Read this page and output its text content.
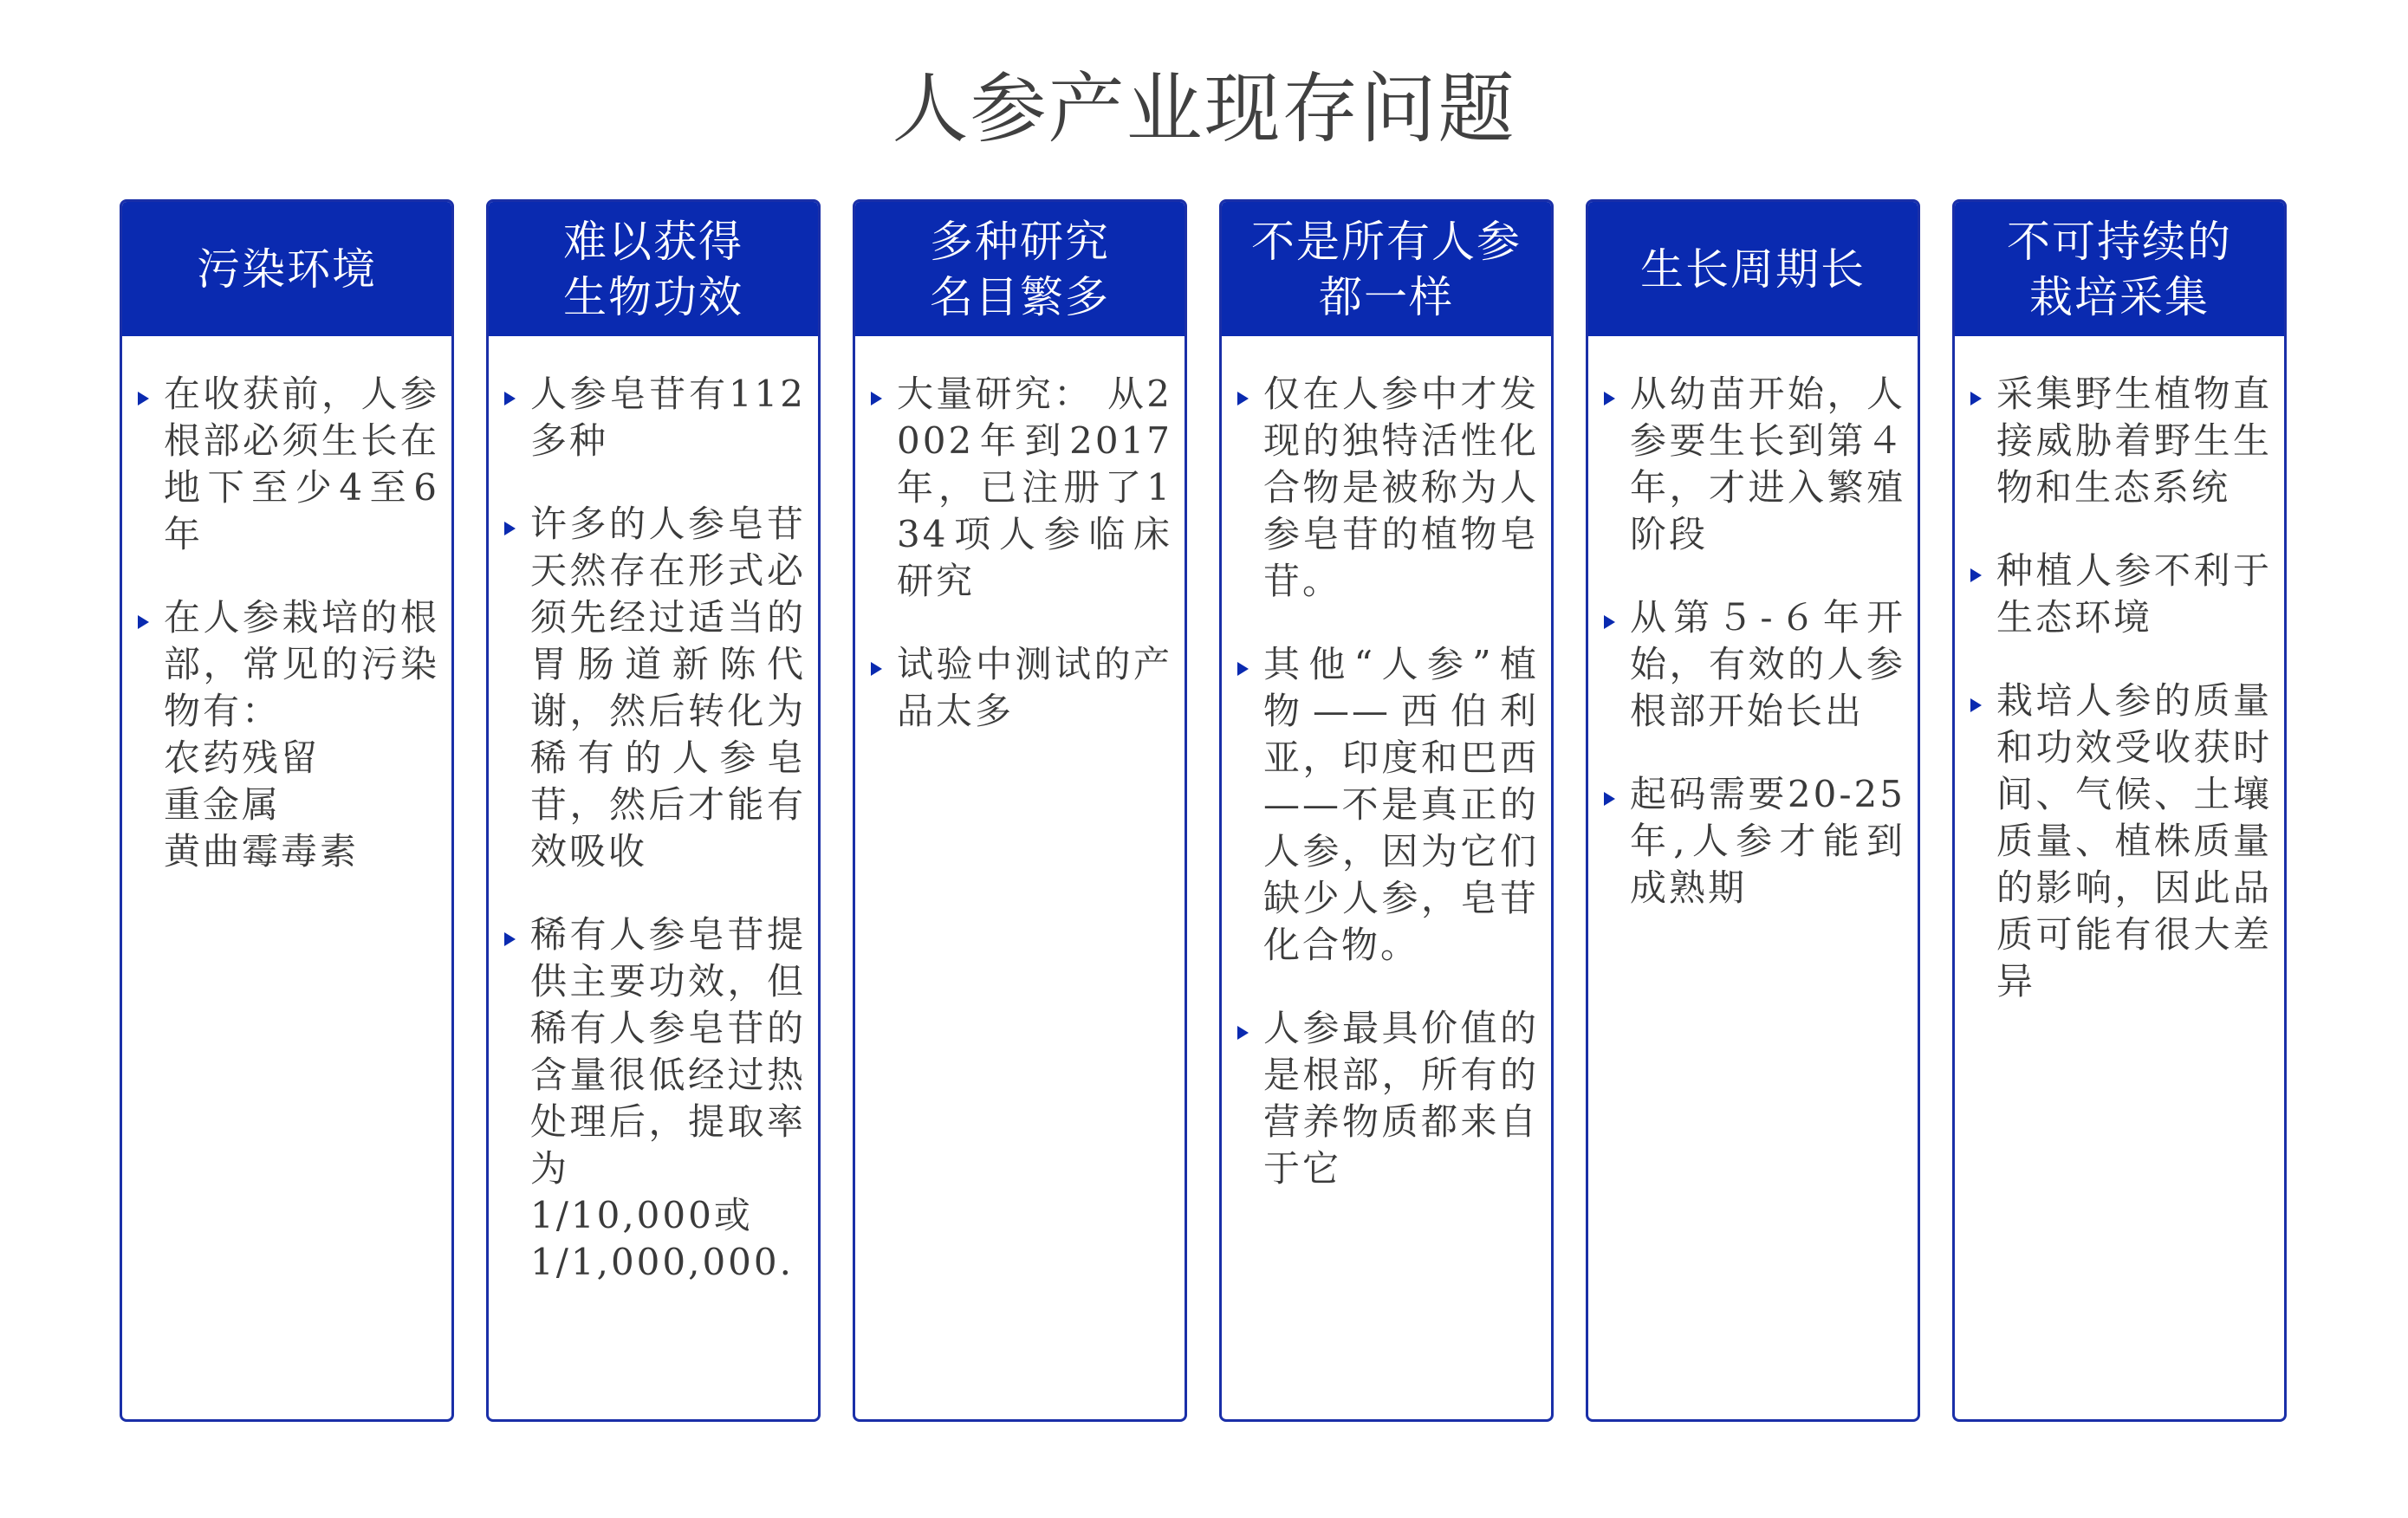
人参产业现存问题
污染环境
在收获前，人参根部必须生长在地下至少4至6年
在人参栽培的根部，常见的污染物有：
农药残留
重金属
黄曲霉毒素
难以获得
生物功效
人参皂苷有112多种
许多的人参皂苷天然存在形式必须先经过适当的胃肠道新陈代谢，然后转化为稀有的人参皂苷，然后才能有效吸收
稀有人参皂苷提供主要功效，但稀有人参皂苷的含量很低经过热处理后，提取率为
1/10,000或
1/1,000,000.
多种研究
名目繁多
大量研究： 从2002年到2017年，已注册了134项人参临床研究
试验中测试的产品太多
不是所有人参
都一样
仅在人参中才发现的独特活性化合物是被称为人参皂苷的植物皂苷。
其他“人参”植物——西伯利亚，印度和巴西——不是真正的人参，因为它们缺少人参，皂苷化合物。
人参最具价值的是根部，所有的营养物质都来自于它
生长周期长
从幼苗开始，人参要生长到第４年，才进入繁殖阶段
从第５-６年开始，有效的人参根部开始长出
起码需要20-25年,人参才能到成熟期
不可持续的
栽培采集
采集野生植物直接威胁着野生生物和生态系统
种植人参不利于生态环境
栽培人参的质量和功效受收获时间、气候、土壤质量、植株质量的影响，因此品质可能有很大差异
